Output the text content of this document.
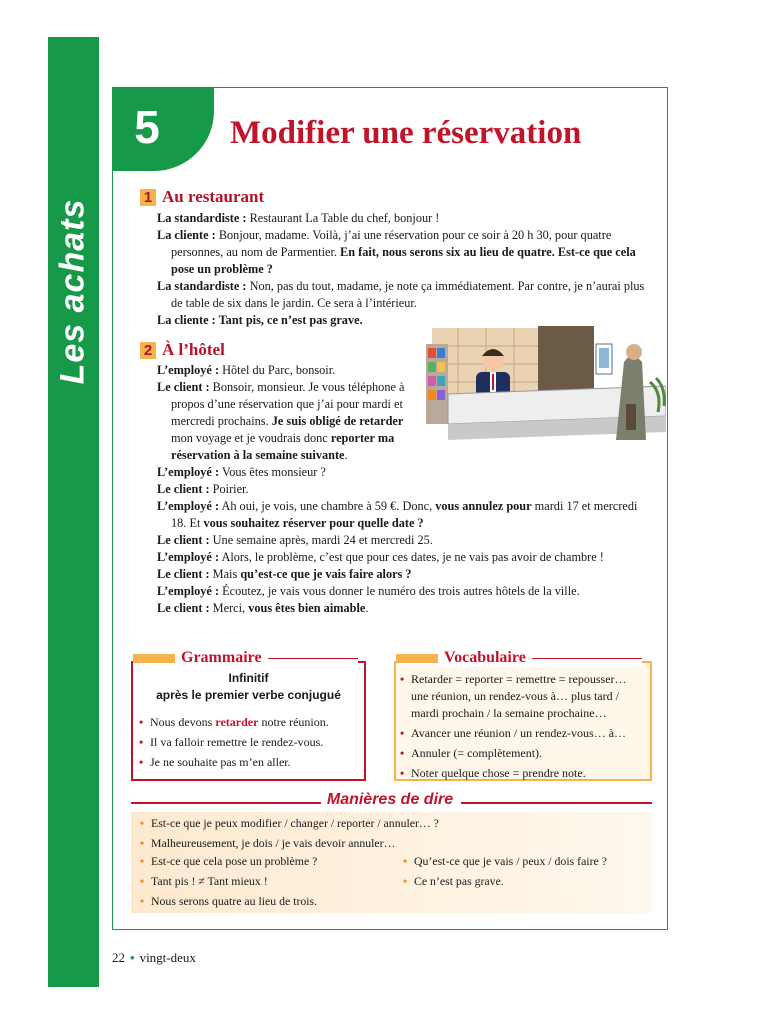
Les achats
5	Modifier une réservation
1 Au restaurant
La standardiste : Restaurant La Table du chef, bonjour !
La cliente : Bonjour, madame. Voilà, j’ai une réservation pour ce soir à 20 h 30, pour quatre personnes, au nom de Parmentier. En fait, nous serons six au lieu de quatre. Est-ce que cela pose un problème ?
La standardiste : Non, pas du tout, madame, je note ça immédiatement. Par contre, je n’aurai plus de table de six dans le jardin. Ce sera à l’intérieur.
La cliente : Tant pis, ce n’est pas grave.
2 À l’hôtel
L’employé : Hôtel du Parc, bonsoir.
Le client : Bonsoir, monsieur. Je vous téléphone à propos d’une réservation que j’ai pour mardi et mercredi prochains. Je suis obligé de retarder mon voyage et je voudrais donc reporter ma réservation à la semaine suivante.
L’employé : Vous êtes monsieur ?
Le client : Poirier.
L’employé : Ah oui, je vois, une chambre à 59 €. Donc, vous annulez pour mardi 17 et mercredi 18. Et vous souhaitez réserver pour quelle date ?
Le client : Une semaine après, mardi 24 et mercredi 25.
L’employé : Alors, le problème, c’est que pour ces dates, je ne vais pas avoir de chambre !
Le client : Mais qu’est-ce que je vais faire alors ?
L’employé : Écoutez, je vais vous donner le numéro des trois autres hôtels de la ville.
Le client : Merci, vous êtes bien aimable.
Grammaire
Infinitif
après le premier verbe conjugué
• Nous devons retarder notre réunion.
• Il va falloir remettre le rendez-vous.
• Je ne souhaite pas m’en aller.
Vocabulaire
• Retarder = reporter = remettre = repousser… une réunion, un rendez-vous à… plus tard / mardi prochain / la semaine prochaine…
• Avancer une réunion / un rendez-vous… à…
• Annuler (= complètement).
• Noter quelque chose = prendre note.
Manières de dire
• Est-ce que je peux modifier / changer / reporter / annuler… ?
• Malheureusement, je dois / je vais devoir annuler…
• Est-ce que cela pose un problème ?
• Tant pis ! ≠ Tant mieux !
• Nous serons quatre au lieu de trois.
• Qu’est-ce que je vais / peux / dois faire ?
• Ce n’est pas grave.
22 • vingt-deux
